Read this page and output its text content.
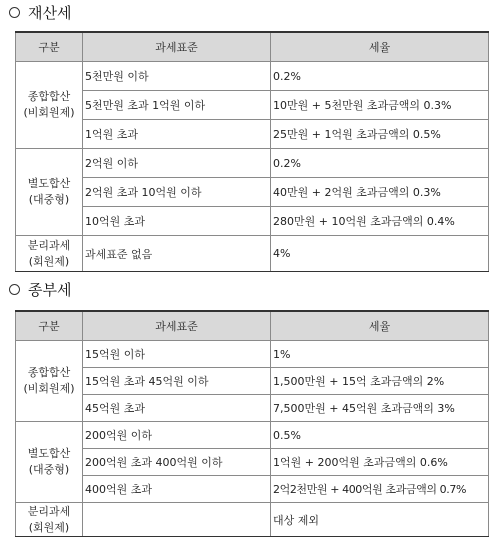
재산세
구분	과세표준	세율

종합합산
(비회원제)	5천만원 이하	0.2%
	5천만원 초과 1억원 이하	10만원 + 5천만원 초과금액의 0.3%
	1억원 초과	25만원 + 1억원 초과금액의 0.5%

별도합산
(대중형)	2억원 이하	0.2%
	2억원 초과 10억원 이하	40만원 + 2억원 초과금액의 0.3%
	10억원 초과	280만원 + 10억원 초과금액의 0.4%

분리과세
(회원제)	과세표준 없음	4%
종부세
구분	과세표준	세율

종합합산
(비회원제)	15억원 이하	1%
	15억원 초과 45억원 이하	1,500만원 + 15억 초과금액의 2%
	45억원 초과	7,500만원 + 45억원 초과금액의 3%

별도합산
(대중형)	200억원 이하	0.5%
	200억원 초과 400억원 이하	1억원 + 200억원 초과금액의 0.6%
	400억원 초과	2억2천만원 + 400억원 초과금액의 0.7%

분리과세
(회원제)		대상 제외
